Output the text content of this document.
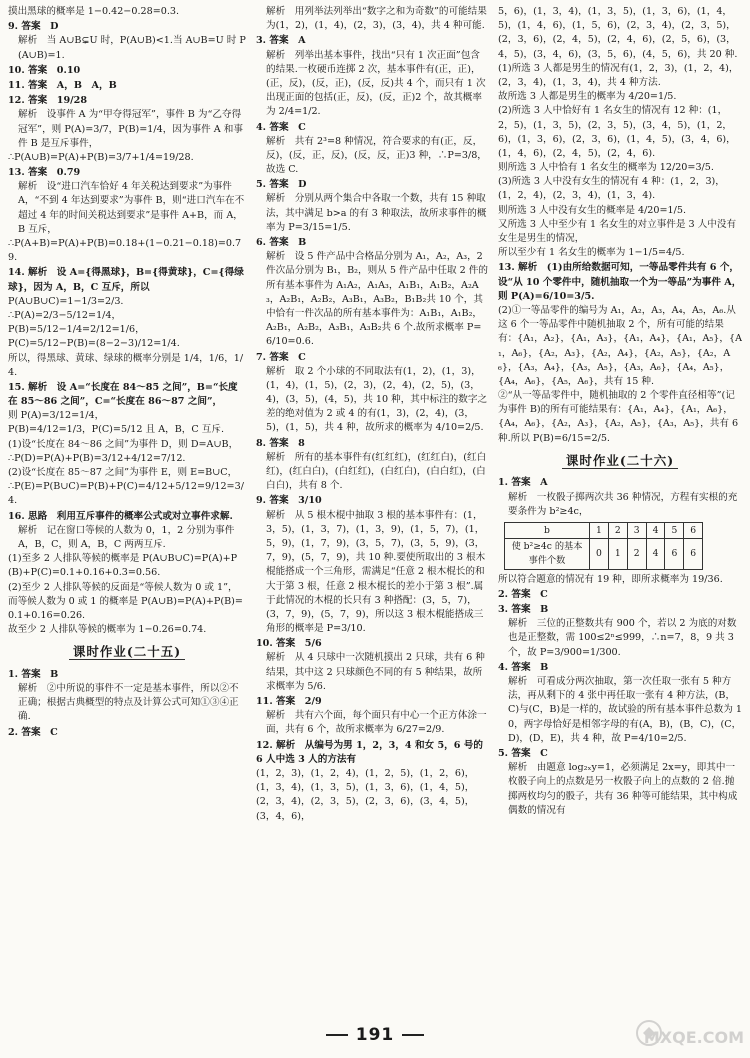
摸出黑球的概率是 1−0.42−0.28=0.3.

9. 答案　D

解析　当 A∪B⊊U 时，P(A∪B)<1.当 A∪B=U 时 P(A∪B)=1.

10. 答案　0.10

11. 答案　A，B　A，B

12. 答案　19/28

解析　设事件 A 为“甲夺得冠军”，事件 B 为“乙夺得冠军”，则 P(A)=3/7，P(B)=1/4，因为事件 A 和事件 B 是互斥事件，

∴P(A∪B)=P(A)+P(B)=3/7+1/4=19/28.

13. 答案　0.79

解析　设“进口汽车恰好 4 年关税达到要求”为事件 A，“不到 4 年达到要求”为事件 B，则“进口汽车在不超过 4 年的时间关税达到要求”是事件 A+B，而 A，B 互斥，

∴P(A+B)=P(A)+P(B)=0.18+(1−0.21−0.18)=0.79.

14. 解析　设 A={得黑球}，B={得黄球}，C={得绿球}，因为 A，B，C 互斥，所以

P(A∪B∪C)=1−1/3=2/3.

∴P(A)=2/3−5/12=1/4，

P(B)=5/12−1/4=2/12=1/6，

P(C)=5/12−P(B)=(8−2−3)/12=1/4.

所以，得黑球、黄球、绿球的概率分别是 1/4，1/6，1/4.

15. 解析　设 A=“长度在 84～85 之间”，B=“长度在 85～86 之间”，C=“长度在 86～87 之间”，

则 P(A)=3/12=1/4，

P(B)=4/12=1/3，P(C)=5/12 且 A，B，C 互斥.

(1)设“长度在 84～86 之间”为事件 D，则 D=A∪B，

∴P(D)=P(A)+P(B)=3/12+4/12=7/12.

(2)设“长度在 85～87 之间”为事件 E，则 E=B∪C，

∴P(E)=P(B∪C)=P(B)+P(C)=4/12+5/12=9/12=3/4.

16. 思路　利用互斥事件的概率公式或对立事件求解.

解析　记在窗口等候的人数为 0，1，2 分别为事件 A，B，C，则 A，B，C 两两互斥.

(1)至多 2 人排队等候的概率是 P(A∪B∪C)=P(A)+P(B)+P(C)=0.1+0.16+0.3=0.56.

(2)至少 2 人排队等候的反面是“等候人数为 0 或 1”，而等候人数为 0 或 1 的概率是 P(A∪B)=P(A)+P(B)=0.1+0.16=0.26.

故至少 2 人排队等候的概率为 1−0.26=0.74.

课时作业(二十五)

1. 答案　B

解析　②中所说的事件不一定是基本事件，所以②不正确；根据古典概型的特点及计算公式可知①③④正确.

2. 答案　C

解析　用列举法列举出“数字之和为奇数”的可能结果为(1，2)，(1，4)，(2，3)，(3，4)，共 4 种可能.

3. 答案　A

解析　列举出基本事件，找出“只有 1 次正面”包含的结果.一枚硬币连掷 2 次，基本事件有(正，正)，(正，反)，(反，正)，(反，反)共 4 个，而只有 1 次出现正面的包括(正，反)，(反，正)2 个，故其概率为 2/4=1/2.

4. 答案　C

解析　共有 2³=8 种情况，符合要求的有(正，反，反)，(反，正，反)，(反，反，正)3 种，∴P=3/8，故选 C.

5. 答案　D

解析　分别从两个集合中各取一个数，共有 15 种取法，其中满足 b>a 的有 3 种取法，故所求事件的概率为 P=3/15=1/5.

6. 答案　B

解析　设 5 件产品中合格品分别为 A₁，A₂，A₃，2 件次品分别为 B₁，B₂，则从 5 件产品中任取 2 件的所有基本事件为 A₁A₂，A₁A₃，A₁B₁，A₁B₂，A₂A₃，A₂B₁，A₂B₂，A₃B₁，A₃B₂，B₁B₂共 10 个，其中恰有一件次品的所有基本事件为：A₁B₁，A₁B₂，A₂B₁，A₂B₂，A₃B₁，A₃B₂共 6 个.故所求概率 P=6/10=0.6.

7. 答案　C

解析　取 2 个小球的不同取法有(1，2)，(1，3)，(1，4)，(1，5)，(2，3)，(2，4)，(2，5)，(3，4)，(3，5)，(4，5)，共 10 种，其中标注的数字之差的绝对值为 2 或 4 的有(1，3)，(2，4)，(3，5)，(1，5)，共 4 种，故所求的概率为 4/10=2/5.

8. 答案　8

解析　所有的基本事件有(红红红)，(红红白)，(红白红)，(红白白)，(白红红)，(白红白)，(白白红)，(白白白)，共有 8 个.

9. 答案　3/10

解析　从 5 根木棍中抽取 3 根的基本事件有：(1，3，5)，(1，3，7)，(1，3，9)，(1，5，7)，(1，5，9)，(1，7，9)，(3，5，7)，(3，5，9)，(3，7，9)，(5，7，9)，共 10 种.要使所取出的 3 根木棍能搭成一个三角形，需满足“任意 2 根木棍长的和大于第 3 根，任意 2 根木棍长的差小于第 3 根”.属于此情况的木棍的长只有 3 种搭配：(3，5，7)，(3，7，9)，(5，7，9)，所以这 3 根木棍能搭成三角形的概率是 P=3/10.

10. 答案　5/6

解析　从 4 只球中一次随机摸出 2 只球，共有 6 种结果，其中这 2 只球颜色不同的有 5 种结果，故所求概率为 5/6.

11. 答案　2/9

解析　共有六个面，每个面只有中心一个正方体涂一面，共有 6 个，故所求概率为 6/27=2/9.

12. 解析　从编号为男 1，2，3，4 和女 5，6 号的 6 人中选 3 人的方法有

(1，2，3)，(1，2，4)，(1，2，5)，(1，2，6)，(1，3，4)，(1，3，5)，(1，3，6)，(1，4，5)，(2，3，4)，(2，3，5)，(2，3，6)，(3，4，5)，(3，4，6)，

5，6)，(1，3，4)，(1，3，5)，(1，3，6)，(1，4，5)，(1，4，6)，(1，5，6)，(2，3，4)，(2，3，5)，(2，3，6)，(2，4，5)，(2，4，6)，(2，5，6)，(3，4，5)，(3，4，6)，(3，5，6)，(4，5，6)，共 20 种.

(1)所选 3 人都是男生的情况有(1，2，3)，(1，2，4)，(2，3，4)，(1，3，4)，共 4 种方法.

故所选 3 人都是男生的概率为 4/20=1/5.

(2)所选 3 人中恰好有 1 名女生的情况有 12 种：(1，2，5)，(1，3，5)，(2，3，5)，(3，4，5)，(1，2，6)，(1，3，6)，(2，3，6)，(1，4，5)，(3，4，6)，(1，4，6)，(2，4，5)，(2，4，6).

则所选 3 人中恰有 1 名女生的概率为 12/20=3/5.

(3)所选 3 人中没有女生的情况有 4 种：(1，2，3)，(1，2，4)，(2，3，4)，(1，3，4).

则所选 3 人中没有女生的概率是 4/20=1/5.

又所选 3 人中至少有 1 名女生的对立事件是 3 人中没有女生是男生的情况，

所以至少有 1 名女生的概率为 1−1/5=4/5.

13. 解析　(1)由所给数据可知，一等品零件共有 6 个，设“从 10 个零件中，随机抽取一个为一等品”为事件 A，则 P(A)=6/10=3/5.

(2)①一等品零件的编号为 A₁，A₂，A₃，A₄，A₅，A₆.从这 6 个一等品零件中随机抽取 2 个，所有可能的结果有：{A₁，A₂}，{A₁，A₃}，{A₁，A₄}，{A₁，A₅}，{A₁，A₆}，{A₂，A₃}，{A₂，A₄}，{A₂，A₅}，{A₂，A₆}，{A₃，A₄}，{A₃，A₅}，{A₃，A₆}，{A₄，A₅}，{A₄，A₆}，{A₅，A₆}，共有 15 种.

②“从一等品零件中，随机抽取的 2 个零件直径相等”(记为事件 B)的所有可能结果有：{A₁，A₄}，{A₁，A₆}，{A₄，A₆}，{A₂，A₃}，{A₂，A₅}，{A₃，A₅}，共有 6 种.所以 P(B)=6/15=2/5.

课时作业(二十六)

1. 答案　A

解析　一枚骰子掷两次共 36 种情况，方程有实根的充要条件为 b²≥4c，

b	1	2	3	4	5	6
使 b²≥4c 的基本事件个数	0	1	2	4	6	6

所以符合题意的情况有 19 种，即所求概率为 19/36.

2. 答案　C

3. 答案　B

解析　三位的正整数共有 900 个，若以 2 为底的对数也是正整数，需 100≤2ⁿ≤999，∴n=7，8，9 共 3 个，故 P=3/900=1/300.

4. 答案　B

解析　可看成分两次抽取，第一次任取一张有 5 种方法，再从剩下的 4 张中再任取一张有 4 种方法，(B，C)与(C，B)是一样的，故试验的所有基本事件总数为 10，两字母恰好是相邻字母的有(A，B)，(B，C)，(C，D)，(D，E)，共 4 种，故 P=4/10=2/5.

5. 答案　C

解析　由题意 log₂ₓy=1，必须满足 2x=y，即其中一枚骰子向上的点数是另一枚骰子向上的点数的 2 倍.抛掷两枚均匀的骰子，共有 36 种等可能结果，其中构成偶数的情况有

191	MXQE.COM
